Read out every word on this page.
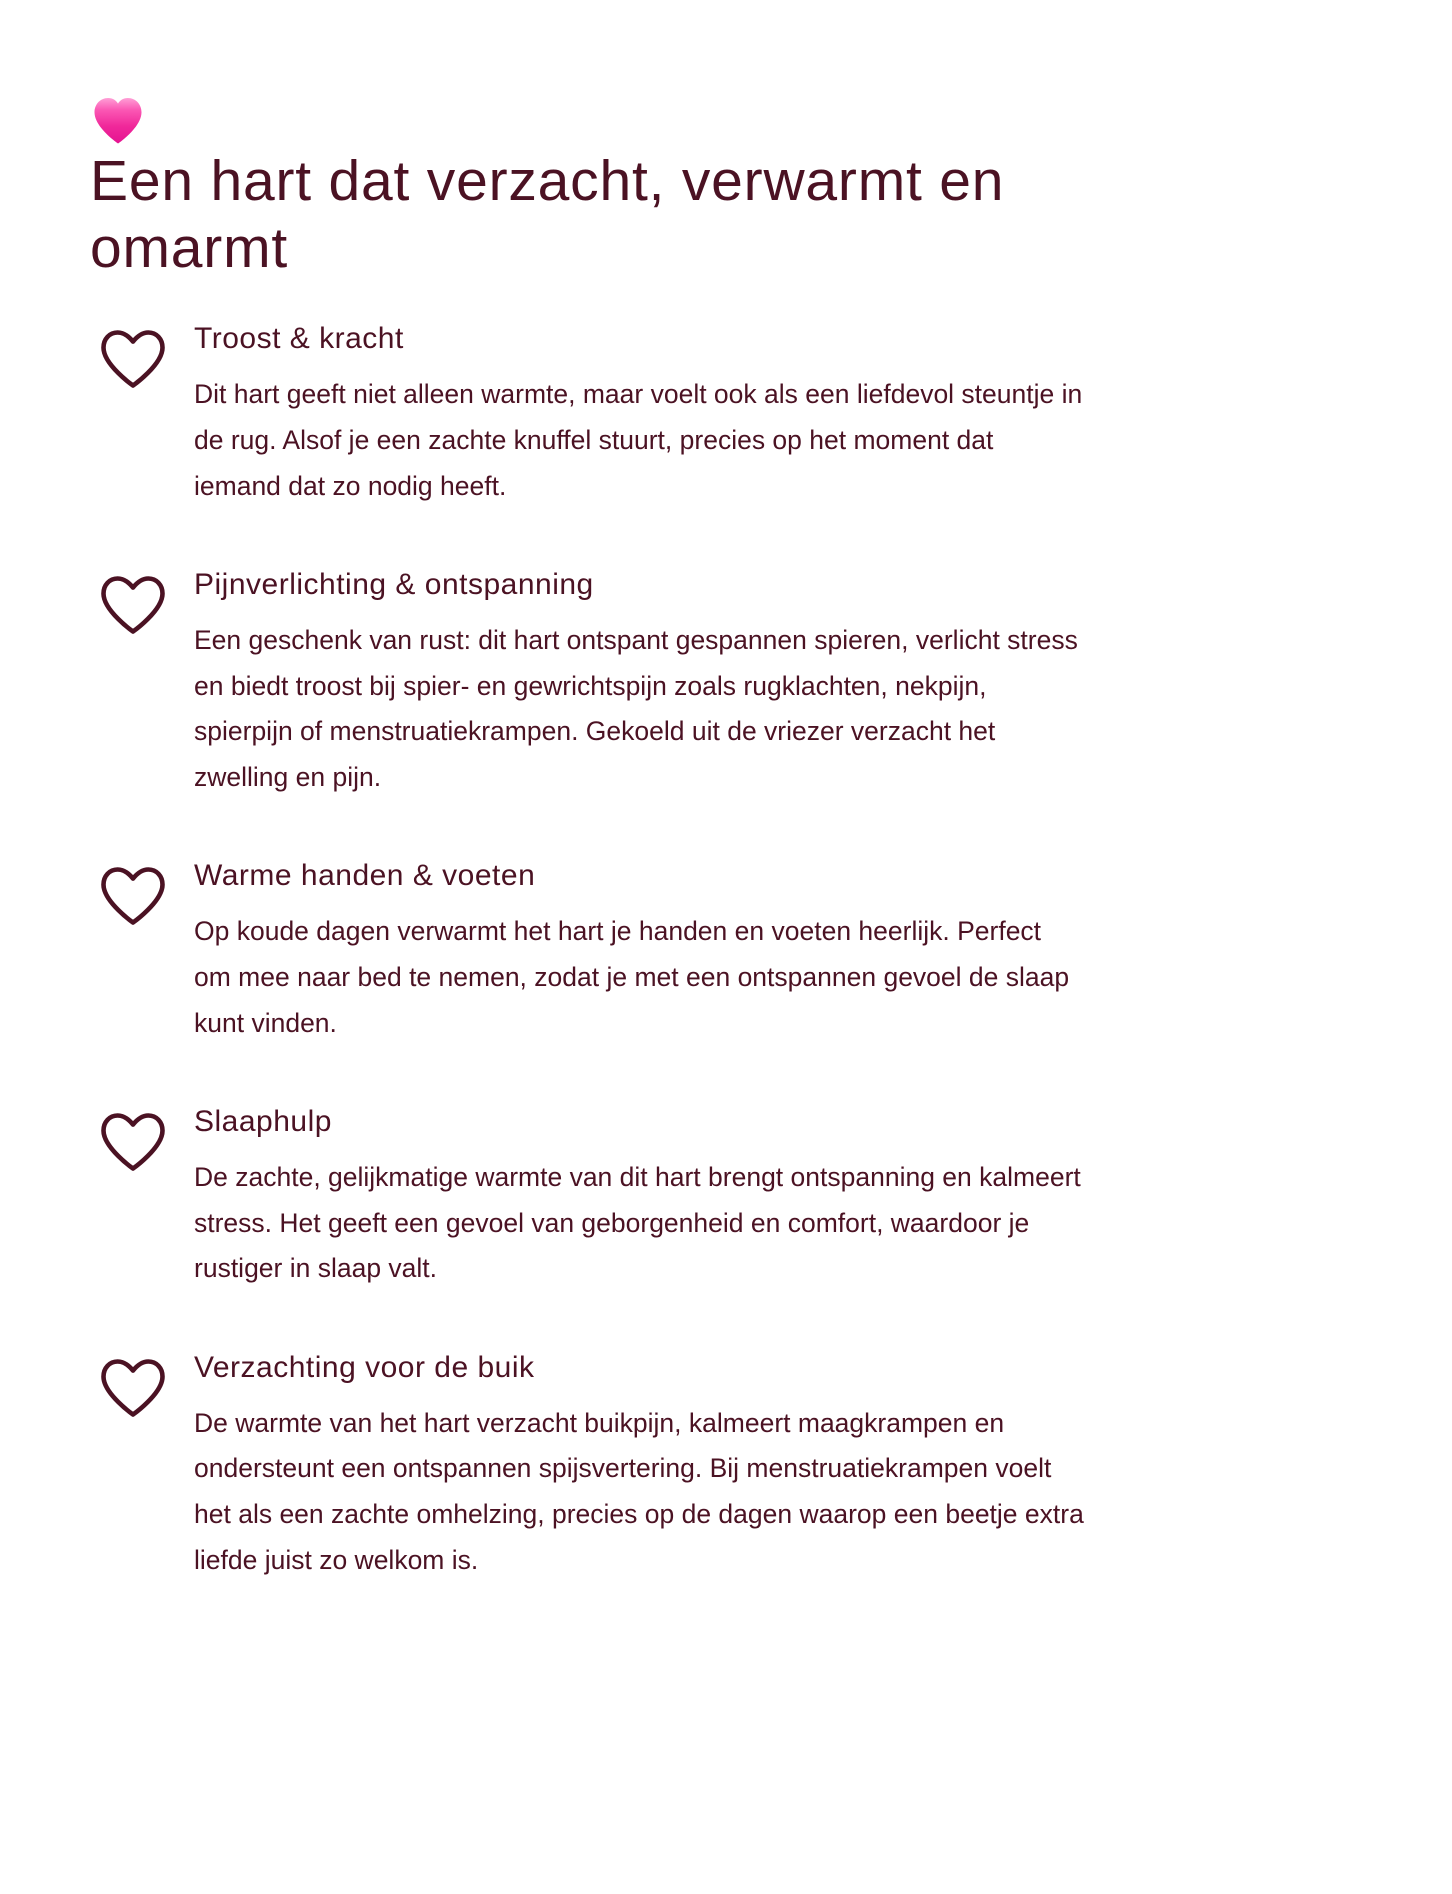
Een hart dat verzacht, verwarmt en omarmt
Troost & kracht

Dit hart geeft niet alleen warmte, maar voelt ook als een liefdevol steuntje in de rug. Alsof je een zachte knuffel stuurt, precies op het moment dat iemand dat zo nodig heeft.

Pijnverlichting & ontspanning

Een geschenk van rust: dit hart ontspant gespannen spieren, verlicht stress en biedt troost bij spier- en gewrichtspijn zoals rugklachten, nekpijn, spierpijn of menstruatiekrampen. Gekoeld uit de vriezer verzacht het zwelling en pijn.

Warme handen & voeten

Op koude dagen verwarmt het hart je handen en voeten heerlijk. Perfect om mee naar bed te nemen, zodat je met een ontspannen gevoel de slaap kunt vinden.

Slaaphulp

De zachte, gelijkmatige warmte van dit hart brengt ontspanning en kalmeert stress. Het geeft een gevoel van geborgenheid en comfort, waardoor je rustiger in slaap valt.

Verzachting voor de buik

De warmte van het hart verzacht buikpijn, kalmeert maagkrampen en ondersteunt een ontspannen spijsvertering. Bij menstruatiekrampen voelt het als een zachte omhelzing, precies op de dagen waarop een beetje extra liefde juist zo welkom is.
